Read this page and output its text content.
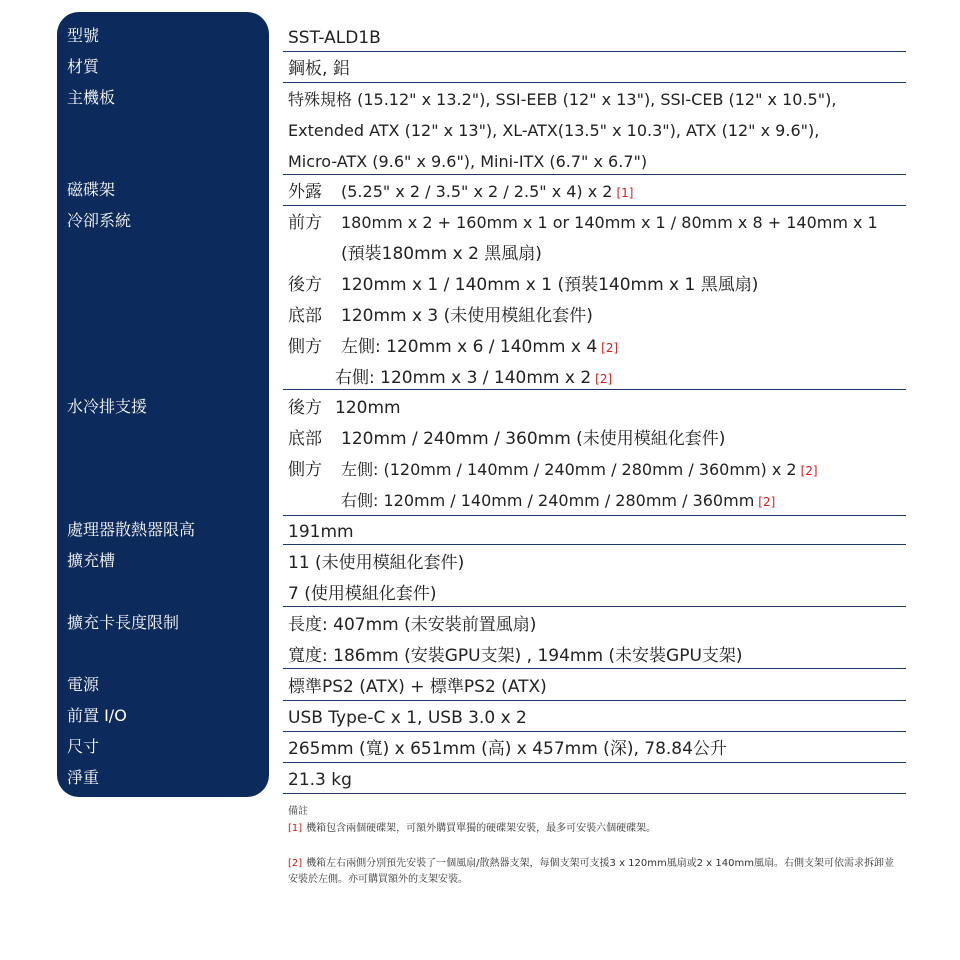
型號
材質
主機板
磁碟架
冷卻系統
水冷排支援
處理器散熱器限高
擴充槽
擴充卡長度限制
電源
前置 I/O
尺寸
淨重
SST-ALD1B
鋼板, 鋁
特殊規格 (15.12" x 13.2"), SSI-EEB (12" x 13"), SSI-CEB (12" x 10.5"),
Extended ATX (12" x 13"), XL-ATX(13.5" x 10.3"), ATX (12" x 9.6"),
Micro-ATX (9.6" x 9.6"), Mini-ITX (6.7" x 6.7")
外露 (5.25" x 2 / 3.5" x 2 / 2.5" x 4) x 2 [1]
前方 180mm x 2 + 160mm x 1 or 140mm x 1 / 80mm x 8 + 140mm x 1
(預裝180mm x 2 黑風扇)
後方 120mm x 1 / 140mm x 1 (預裝140mm x 1 黑風扇)
底部 120mm x 3 (未使用模組化套件)
側方 左側: 120mm x 6 / 140mm x 4 [2]
右側: 120mm x 3 / 140mm x 2 [2]
後方 120mm
底部 120mm / 240mm / 360mm (未使用模組化套件)
側方 左側: (120mm / 140mm / 240mm / 280mm / 360mm) x 2 [2]
右側: 120mm / 140mm / 240mm / 280mm / 360mm [2]
191mm
11 (未使用模組化套件)
7 (使用模組化套件)
長度: 407mm (未安裝前置風扇)
寬度: 186mm (安裝GPU支架) , 194mm (未安裝GPU支架)
標準PS2 (ATX) + 標準PS2 (ATX)
USB Type-C x 1, USB 3.0 x 2
265mm (寬) x 651mm (高) x 457mm (深), 78.84公升
21.3 kg
備註
[1] 機箱包含兩個硬碟架，可額外購買單獨的硬碟架安裝，最多可安裝六個硬碟架。
[2] 機箱左右兩側分別預先安裝了一個風扇/散熱器支架，每個支架可支援3 x 120mm風扇或2 x 140mm風扇。右側支架可依需求拆卸並安裝於左側。亦可購買額外的支架安裝。
